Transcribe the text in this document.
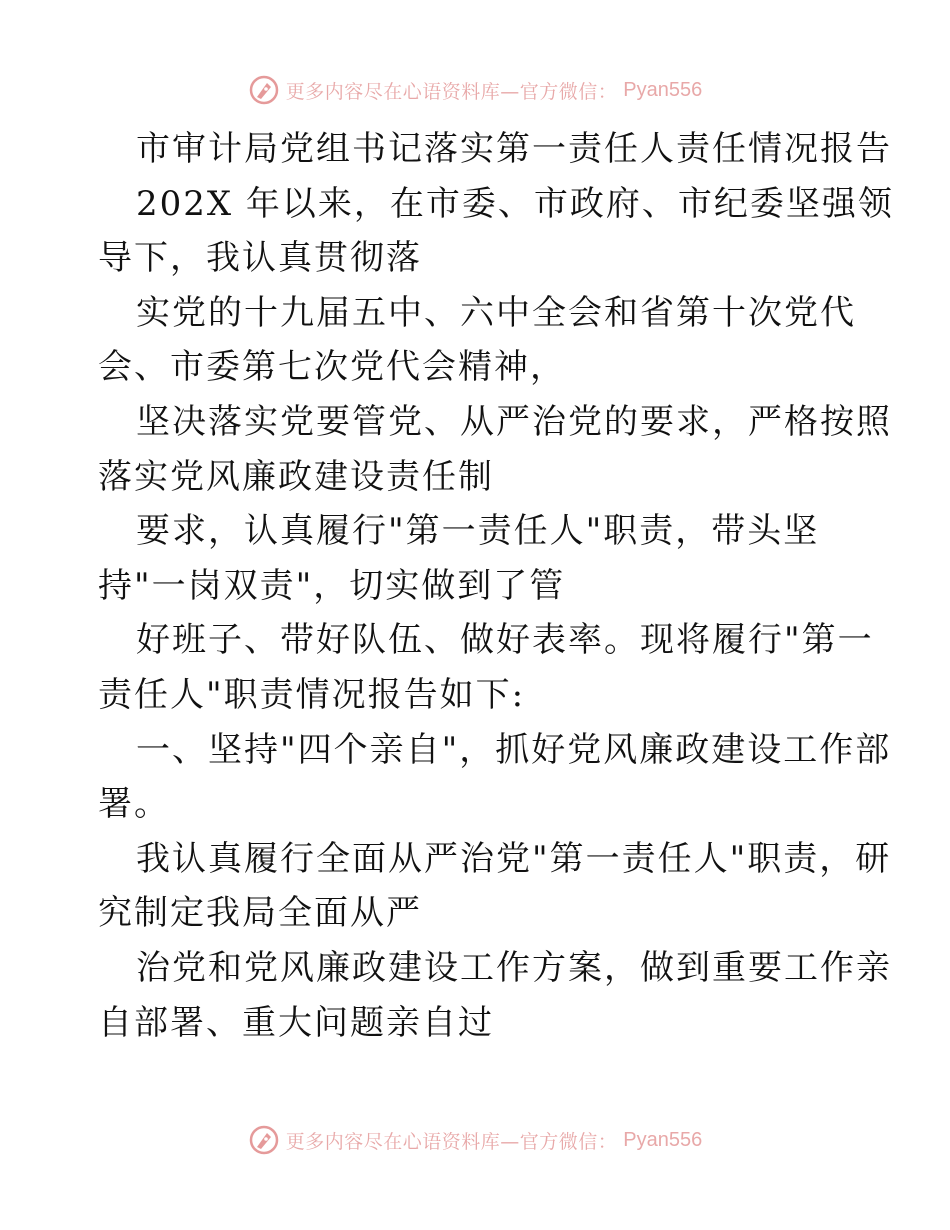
更多内容尽在心语资料库—官方微信： Pyan556
市审计局党组书记落实第一责任人责任情况报告
202X 年以来，在市委、市政府、市纪委坚强领
导下，我认真贯彻落
实党的十九届五中、六中全会和省第十次党代
会、市委第七次党代会精神，
坚决落实党要管党、从严治党的要求，严格按照
落实党风廉政建设责任制
要求，认真履行"第一责任人"职责，带头坚
持"一岗双责"，切实做到了管
好班子、带好队伍、做好表率。现将履行"第一
责任人"职责情况报告如下:
一、坚持"四个亲自"，抓好党风廉政建设工作部
署。
我认真履行全面从严治党"第一责任人"职责，研
究制定我局全面从严
治党和党风廉政建设工作方案，做到重要工作亲
自部署、重大问题亲自过
更多内容尽在心语资料库—官方微信： Pyan556
